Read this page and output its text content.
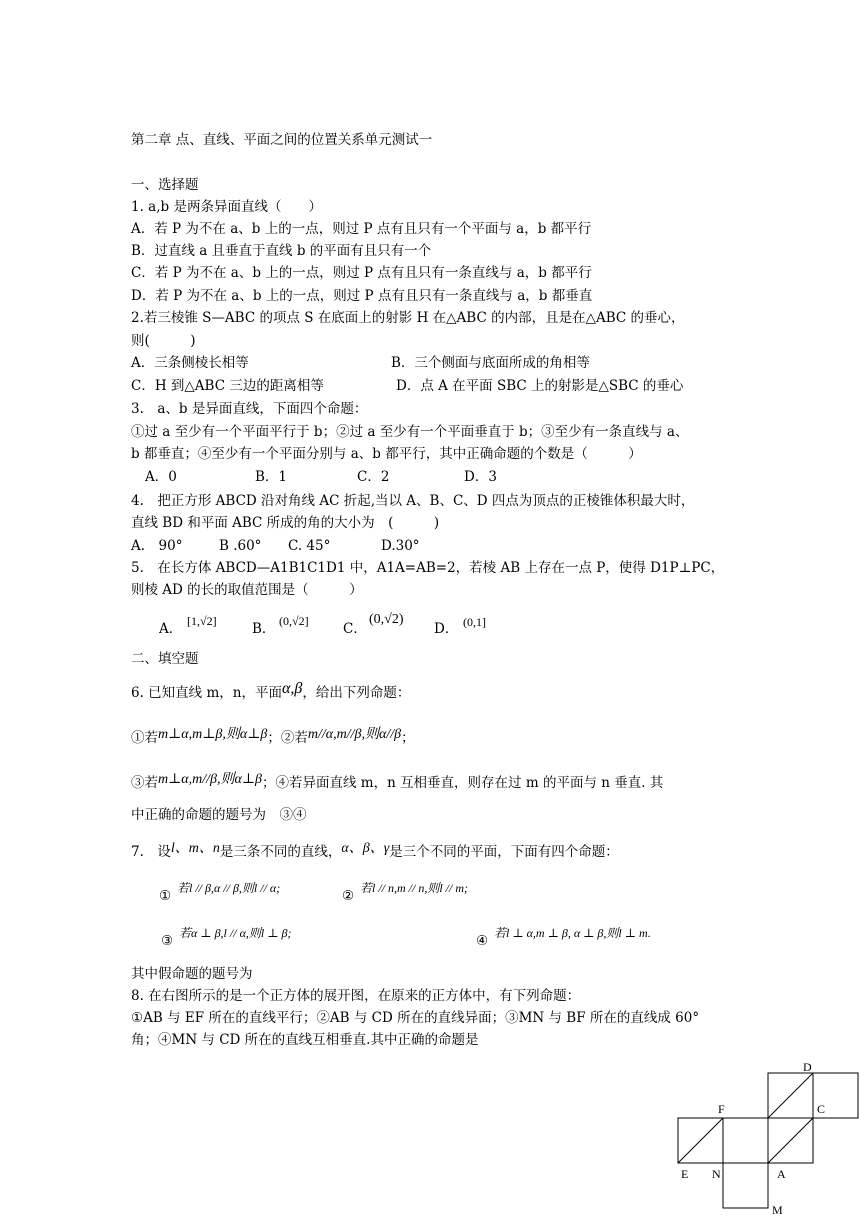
第二章 点、直线、平面之间的位置关系单元测试一
一、选择题
1. a,b 是两条异面直线（　　）
A．若 P 为不在 a、b 上的一点，则过 P 点有且只有一个平面与 a，b 都平行
B．过直线 a 且垂直于直线 b 的平面有且只有一个
C．若 P 为不在 a、b 上的一点，则过 P 点有且只有一条直线与 a，b 都平行
D．若 P 为不在 a、b 上的一点，则过 P 点有且只有一条直线与 a，b 都垂直
2.若三棱锥 S—ABC 的项点 S 在底面上的射影 H 在△ABC 的内部，且是在△ABC 的垂心，
则(　　　)
A．三条侧棱长相等	B．三个侧面与底面所成的角相等
C．H 到△ABC 三边的距离相等	D．点 A 在平面 SBC 上的射影是△SBC 的垂心
3.　a、b 是异面直线，下面四个命题：
①过 a 至少有一个平面平行于 b；②过 a 至少有一个平面垂直于 b；③至少有一条直线与 a、
b 都垂直；④至少有一个平面分别与 a、b 都平行，其中正确命题的个数是（　　　）
A．0	B．1	C．2	D．3
4.　把正方形 ABCD 沿对角线 AC 折起,当以 A、B、C、D 四点为顶点的正棱锥体积最大时，
直线 BD 和平面 ABC 所成的角的大小为　(　　　)
A.　90°	B .60° C. 45°	D.30°
5.　在长方体 ABCD—A1B1C1D1 中，A1A=AB=2，若棱 AB 上存在一点 P，使得 D1P⊥PC，
则棱 AD 的长的取值范围是（　　　）
A． [1,√2]	B． (0,√2]	C．
(0,√2)
D． (0,1]
二、填空题
6. 已知直线 m，n，平面α,β，给出下列命题：
①若m⊥α,m⊥β,则α⊥β；②若m//α,m//β,则α//β；
③若m⊥α,m//β,则α⊥β；④若异面直线 m，n 互相垂直，则存在过 m 的平面与 n 垂直. 其
中正确的命题的题号为　③④
7.　设l、m、n是三条不同的直线，α、β、γ是三个不同的平面，下面有四个命题：
① 若l // β,α // β,则l // α;	② 若l // n,m // n,则l // m;
③ 若α ⊥ β,l // α,则l ⊥ β;	④ 若l ⊥ α,m ⊥ β, α ⊥ β,则l ⊥ m.
其中假命题的题号为
8. 在右图所示的是一个正方体的展开图，在原来的正方体中，有下列命题：
①AB 与 EF 所在的直线平行；②AB 与 CD 所在的直线异面；③MN 与 BF 所在的直线成 60°
角；④MN 与 CD 所在的直线互相垂直.其中正确的命题是
D
F	C
E N	A
M
